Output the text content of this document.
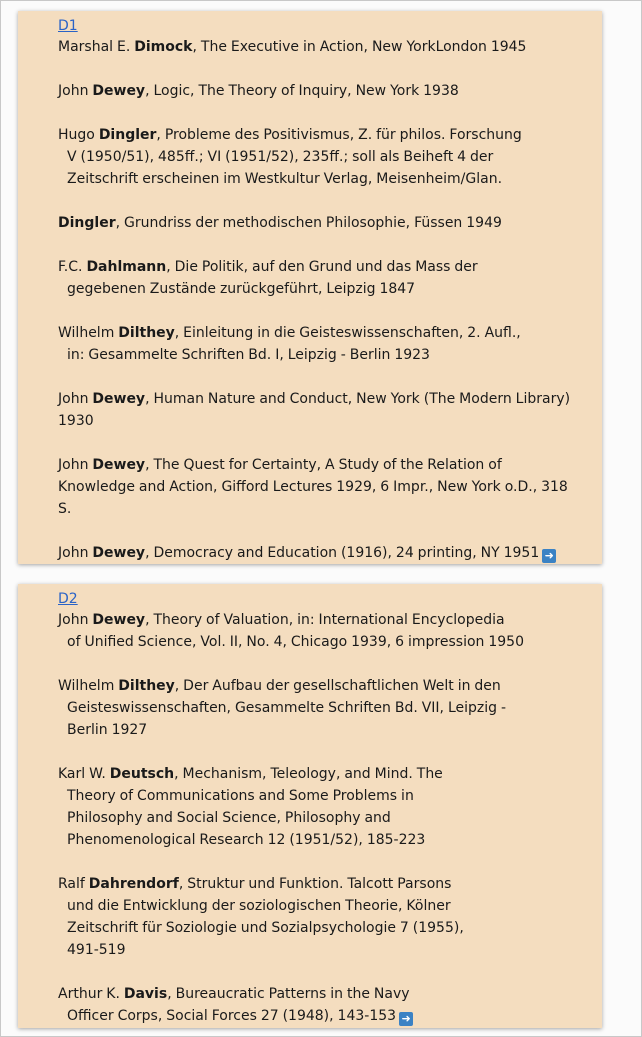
D1
Marshal E. Dimock, The Executive in Action, New YorkLondon 1945
John Dewey, Logic, The Theory of Inquiry, New York 1938
Hugo Dingler, Probleme des Positivismus, Z. für philos. Forschung
V (1950/51), 485ff.; VI (1951/52), 235ff.; soll als Beiheft 4 der
Zeitschrift erscheinen im Westkultur Verlag, Meisenheim/Glan.
Dingler, Grundriss der methodischen Philosophie, Füssen 1949
F.C. Dahlmann, Die Politik, auf den Grund und das Mass der
gegebenen Zustände zurückgeführt, Leipzig 1847
Wilhelm Dilthey, Einleitung in die Geisteswissenschaften, 2. Aufl.,
in: Gesammelte Schriften Bd. I, Leipzig - Berlin 1923
John Dewey, Human Nature and Conduct, New York (The Modern Library)
1930
John Dewey, The Quest for Certainty, A Study of the Relation of
Knowledge and Action, Gifford Lectures 1929, 6 Impr., New York o.D., 318
S.
John Dewey, Democracy and Education (1916), 24 printing, NY 1951 ➜
D2
John Dewey, Theory of Valuation, in: International Encyclopedia
of Unified Science, Vol. II, No. 4, Chicago 1939, 6 impression 1950
Wilhelm Dilthey, Der Aufbau der gesellschaftlichen Welt in den
Geisteswissenschaften, Gesammelte Schriften Bd. VII, Leipzig -
Berlin 1927
Karl W. Deutsch, Mechanism, Teleology, and Mind. The
Theory of Communications and Some Problems in
Philosophy and Social Science, Philosophy and
Phenomenological Research 12 (1951/52), 185-223
Ralf Dahrendorf, Struktur und Funktion. Talcott Parsons
und die Entwicklung der soziologischen Theorie, Kölner
Zeitschrift für Soziologie und Sozialpsychologie 7 (1955),
491-519
Arthur K. Davis, Bureaucratic Patterns in the Navy
Officer Corps, Social Forces 27 (1948), 143-153 ➜
